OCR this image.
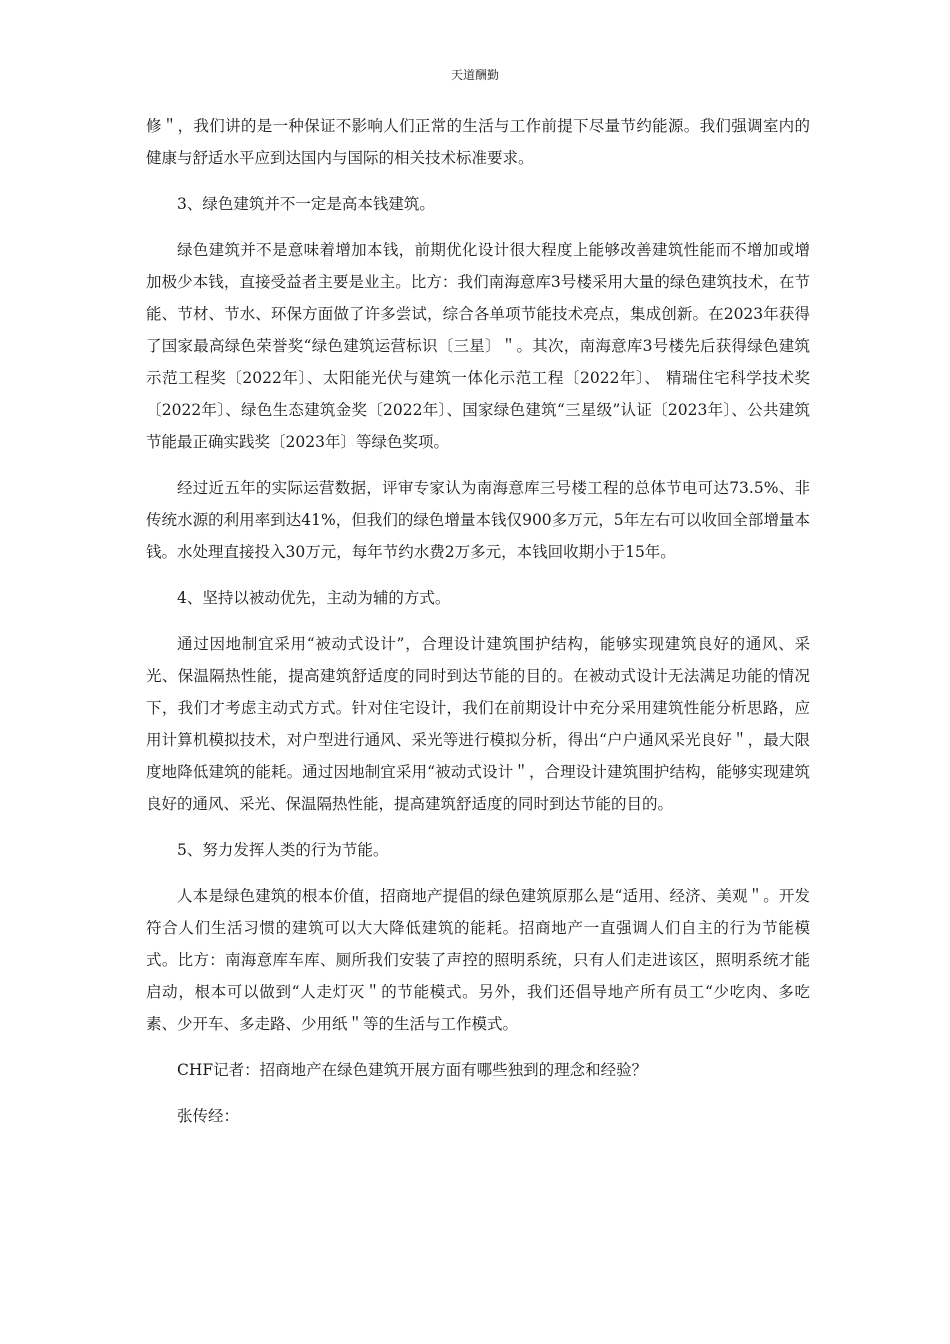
天道酬勤

修＂，我们讲的是一种保证不影响人们正常的生活与工作前提下尽量节约能源。我们强调室内的健康与舒适水平应到达国内与国际的相关技术标准要求。

3、绿色建筑并不一定是高本钱建筑。

绿色建筑并不是意味着增加本钱，前期优化设计很大程度上能够改善建筑性能而不增加或增加极少本钱，直接受益者主要是业主。比方：我们南海意库3号楼采用大量的绿色建筑技术，在节能、节材、节水、环保方面做了许多尝试，综合各单项节能技术亮点，集成创新。在2023年获得了国家最高绿色荣誉奖“绿色建筑运营标识〔三星〕＂。其次，南海意库3号楼先后获得绿色建筑示范工程奖〔2022年〕、太阳能光伏与建筑一体化示范工程〔2022年〕、 精瑞住宅科学技术奖〔2022年〕、绿色生态建筑金奖〔2022年〕、国家绿色建筑“三星级”认证〔2023年〕、公共建筑节能最正确实践奖〔2023年〕等绿色奖项。

经过近五年的实际运营数据，评审专家认为南海意库三号楼工程的总体节电可达73.5%、非传统水源的利用率到达41%，但我们的绿色增量本钱仅900多万元，5年左右可以收回全部增量本钱。水处理直接投入30万元，每年节约水费2万多元，本钱回收期小于15年。

4、坚持以被动优先，主动为辅的方式。

通过因地制宜采用“被动式设计”，合理设计建筑围护结构，能够实现建筑良好的通风、采光、保温隔热性能，提高建筑舒适度的同时到达节能的目的。在被动式设计无法满足功能的情况下，我们才考虑主动式方式。针对住宅设计，我们在前期设计中充分采用建筑性能分析思路，应用计算机模拟技术，对户型进行通风、采光等进行模拟分析，得出“户户通风采光良好＂，最大限度地降低建筑的能耗。通过因地制宜采用“被动式设计＂，合理设计建筑围护结构，能够实现建筑良好的通风、采光、保温隔热性能，提高建筑舒适度的同时到达节能的目的。

5、努力发挥人类的行为节能。

人本是绿色建筑的根本价值，招商地产提倡的绿色建筑原那么是“适用、经济、美观＂。开发符合人们生活习惯的建筑可以大大降低建筑的能耗。招商地产一直强调人们自主的行为节能模式。比方：南海意库车库、厕所我们安装了声控的照明系统，只有人们走进该区，照明系统才能启动，根本可以做到“人走灯灭＂的节能模式。另外，我们还倡导地产所有员工“少吃肉、多吃素、少开车、多走路、少用纸＂等的生活与工作模式。

CHF记者：招商地产在绿色建筑开展方面有哪些独到的理念和经验？

张传经：
